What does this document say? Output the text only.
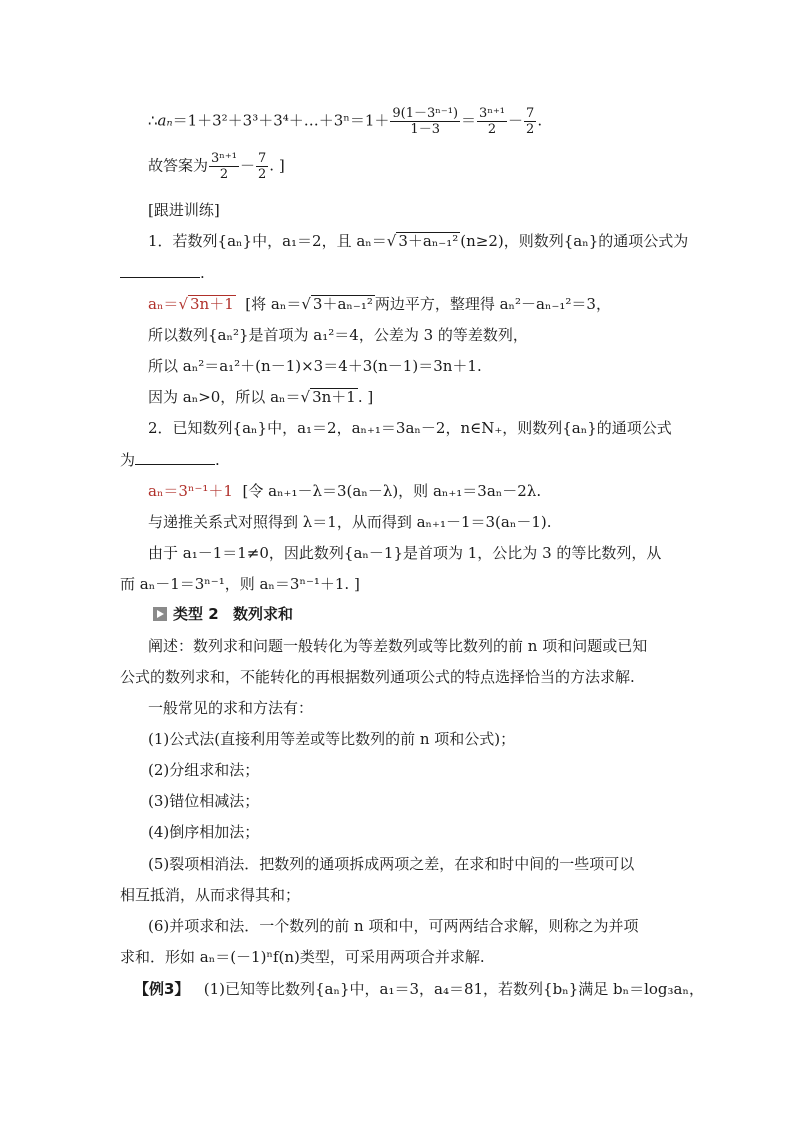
∴aₙ＝1＋3²＋3³＋3⁴＋…＋3ⁿ＝1＋ $\frac{\text{9(1－3ⁿ⁻¹)}}{1-3} = \frac{\text{3ⁿ⁺¹}}{2} - \frac{7}{2}$ .
故答案为 $\frac{\text{3ⁿ⁺¹}}{2} - \frac{7}{2}$ . ]
[跟进训练]
1．若数列{aₙ}中，a₁＝2，且 aₙ＝√ 3＋aₙ₋₁² (n≥2)，则数列{aₙ}的通项公式为
.
aₙ＝√ 3n＋1 [将 aₙ＝√ 3＋aₙ₋₁² 两边平方，整理得 aₙ²－aₙ₋₁²＝3，
所以数列{aₙ²}是首项为 a₁²＝4，公差为 3 的等差数列，
所以 aₙ²＝a₁²＋(n－1)×3＝4＋3(n－1)＝3n＋1.
因为 aₙ>0，所以 aₙ＝√ 3n＋1 . ]
2．已知数列{aₙ}中，a₁＝2，aₙ₊₁＝3aₙ－2，n∈N₊，则数列{aₙ}的通项公式
为	.
aₙ＝3ⁿ⁻¹＋1 [令 aₙ₊₁－λ＝3(aₙ－λ)，则 aₙ₊₁＝3aₙ－2λ.
与递推关系式对照得到 λ＝1，从而得到 aₙ₊₁－1＝3(aₙ－1).
由于 a₁－1＝1≠0，因此数列{aₙ－1}是首项为 1，公比为 3 的等比数列，从
而 aₙ－1＝3ⁿ⁻¹，则 aₙ＝3ⁿ⁻¹＋1. ]
类型 2 数列求和
阐述：数列求和问题一般转化为等差数列或等比数列的前 n 项和问题或已知
公式的数列求和，不能转化的再根据数列通项公式的特点选择恰当的方法求解.
一般常见的求和方法有：
(1)公式法(直接利用等差或等比数列的前 n 项和公式)；
(2)分组求和法；
(3)错位相减法；
(4)倒序相加法；
(5)裂项相消法．把数列的通项拆成两项之差，在求和时中间的一些项可以
相互抵消，从而求得其和；
(6)并项求和法．一个数列的前 n 项和中，可两两结合求解，则称之为并项
求和．形如 aₙ＝(－1)ⁿf(n)类型，可采用两项合并求解.
【例3】 (1)已知等比数列{aₙ}中，a₁＝3，a₄＝81，若数列{bₙ}满足 bₙ＝log₃aₙ，
